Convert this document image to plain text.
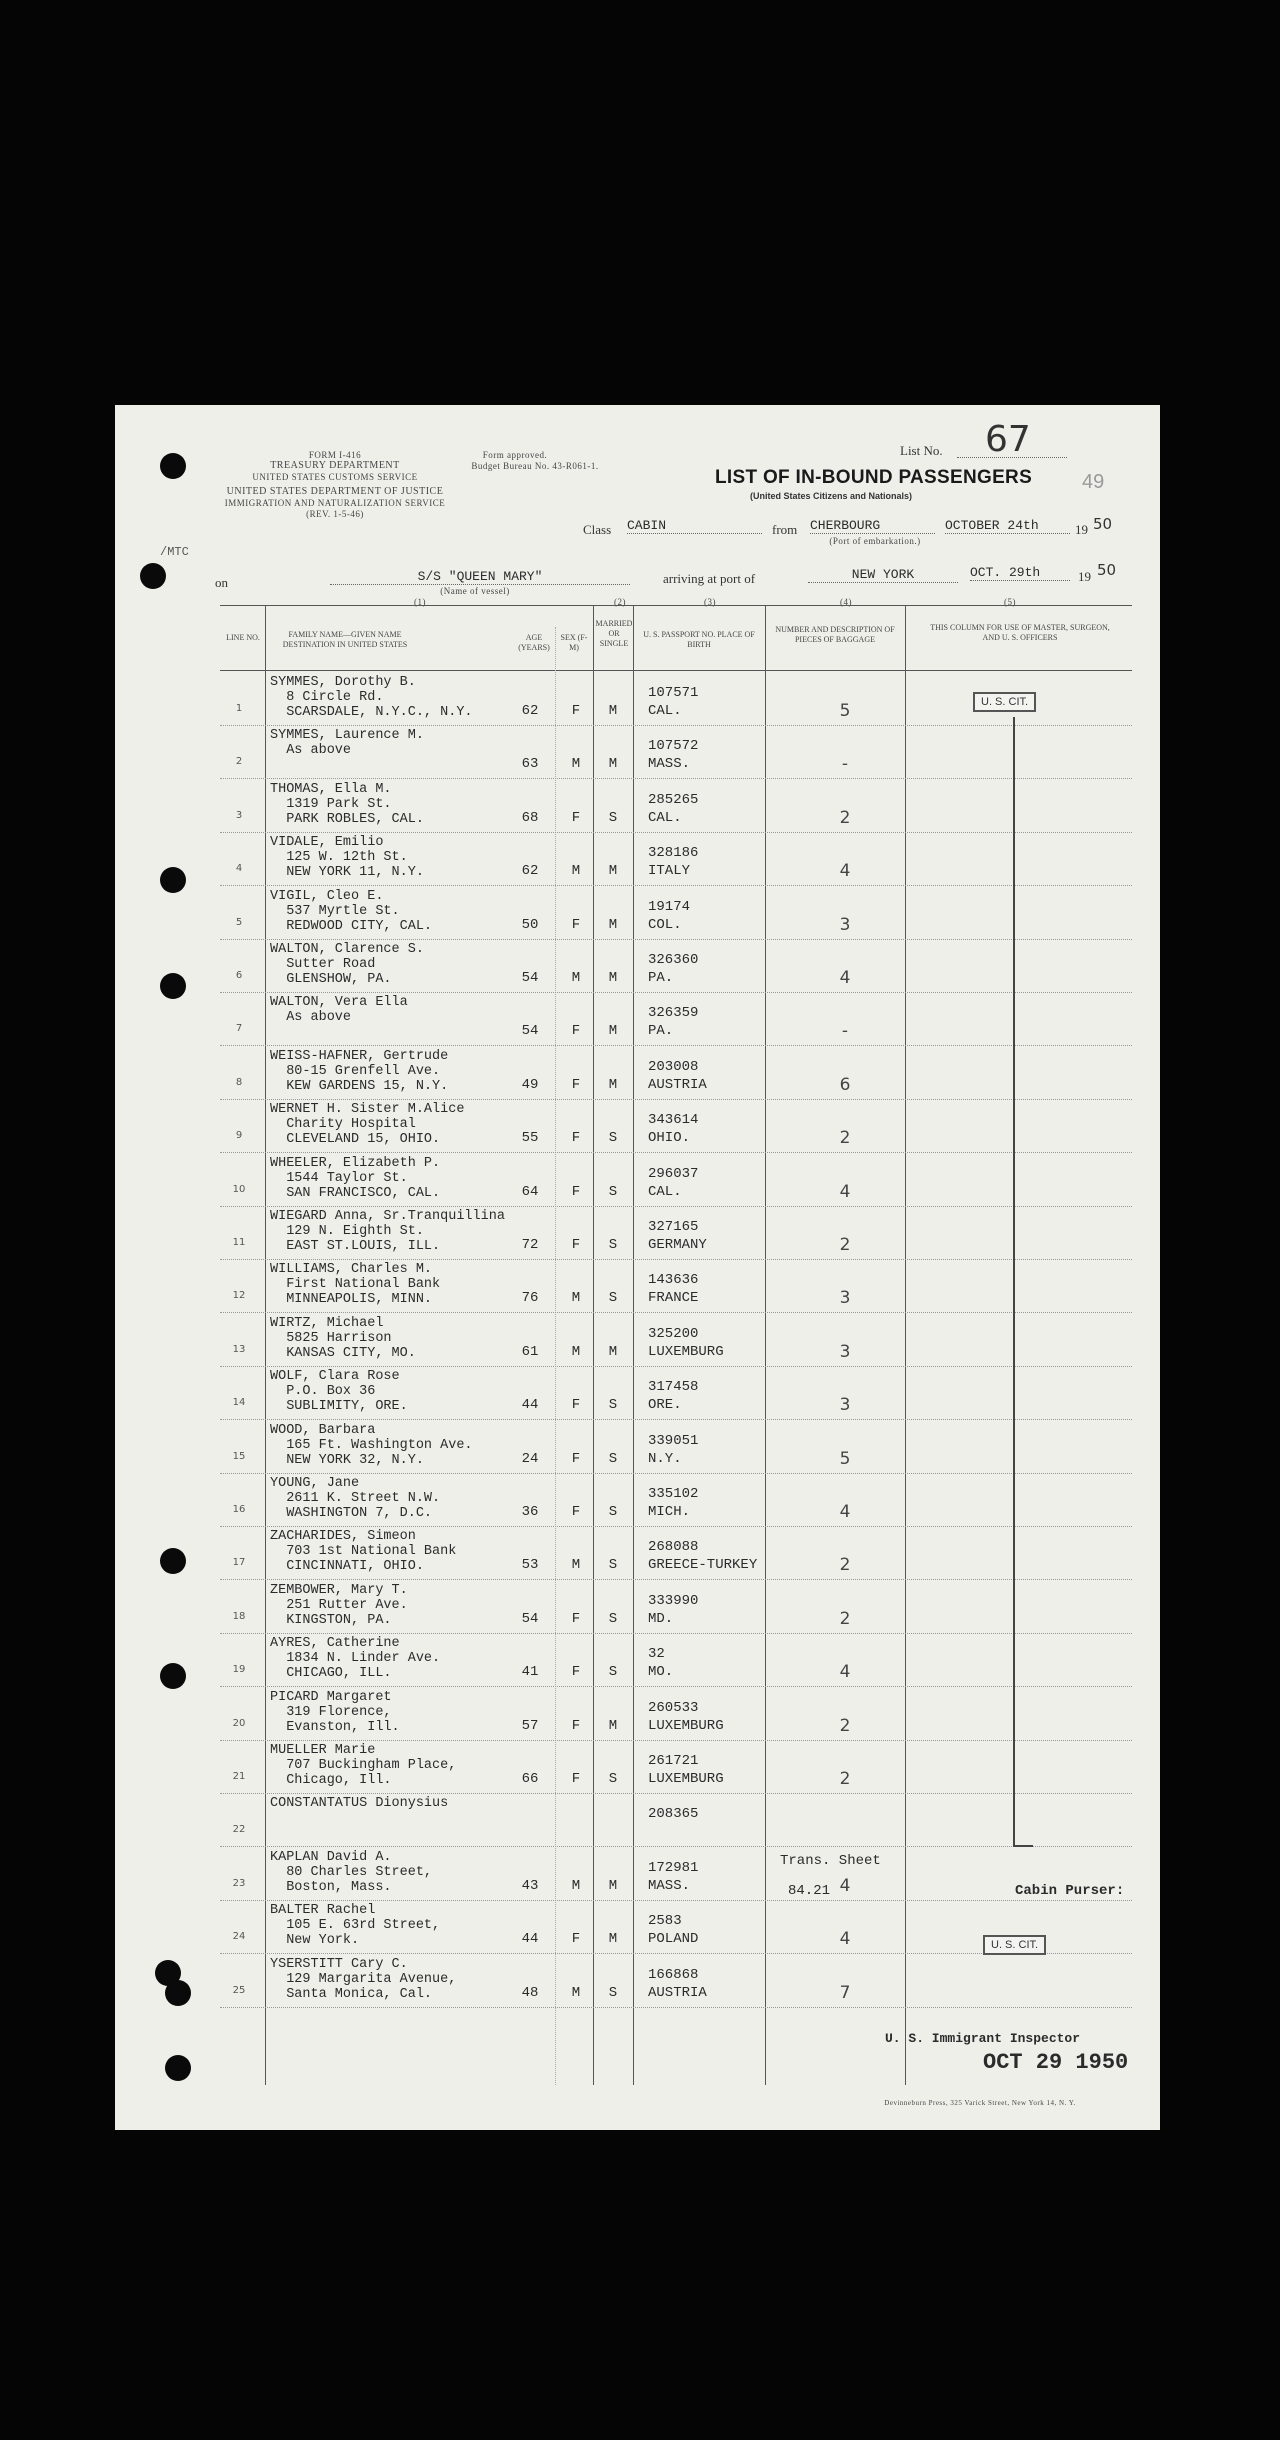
FORM I-416
TREASURY DEPARTMENT
UNITED STATES CUSTOMS SERVICE
UNITED STATES DEPARTMENT OF JUSTICE
IMMIGRATION AND NATURALIZATION SERVICE
(REV. 1-5-46)
Form approved.
Budget Bureau No. 43-R061-1.
List No. 67
49
LIST OF IN-BOUND PASSENGERS
(United States Citizens and Nationals)
Class CABIN	from CHERBOURG
(Port of embarkation.)
OCTOBER 24th	19 50
/MTC
on	S/S "QUEEN MARY"
(Name of vessel)
arriving at port of	NEW YORK	OCT. 29th	19 50
(1)	(2)	(3)	(4)	(5)
LINE NO.	FAMILY NAME—GIVEN NAME DESTINATION IN UNITED STATES
AGE (YEARS)
SEX (F-M)
MARRIED OR SINGLE
U. S. PASSPORT NO. PLACE OF BIRTH
NUMBER AND DESCRIPTION OF PIECES OF BAGGAGE
THIS COLUMN FOR USE OF MASTER, SURGEON, AND U. S. OFFICERS
1
SYMMES, Dorothy B.
8 Circle Rd.
SCARSDALE, N.Y.C., N.Y.	62	F	M
107571
CAL.	5
2
SYMMES, Laurence M.
As above
63	M	M
107572
MASS.	-
3
THOMAS, Ella M.
1319 Park St.
PARK ROBLES, CAL.	68	F	S
285265
CAL.	2
4
VIDALE, Emilio
125 W. 12th St.
NEW YORK 11, N.Y.	62	M	M
328186
ITALY	4
5
VIGIL, Cleo E.
537 Myrtle St.
REDWOOD CITY, CAL.	50	F	M
19174
COL.	3
6
WALTON, Clarence S.
Sutter Road
GLENSHOW, PA.	54	M	M
326360
PA.	4
7
WALTON, Vera Ella
As above
54	F	M
326359
PA.	-
8
WEISS-HAFNER, Gertrude
80-15 Grenfell Ave.
KEW GARDENS 15, N.Y.	49	F	M
203008
AUSTRIA	6
9
WERNET H. Sister M.Alice
Charity Hospital
CLEVELAND 15, OHIO.	55	F	S
343614
OHIO.	2
10
WHEELER, Elizabeth P.
1544 Taylor St.
SAN FRANCISCO, CAL.	64	F	S
296037
CAL.	4
11
WIEGARD Anna, Sr.Tranquillina
129 N. Eighth St.
EAST ST.LOUIS, ILL.	72	F	S
327165
GERMANY	2
12
WILLIAMS, Charles M.
First National Bank
MINNEAPOLIS, MINN.	76	M	S
143636
FRANCE	3
13
WIRTZ, Michael
5825 Harrison
KANSAS CITY, MO.	61	M	M
325200
LUXEMBURG	3
14
WOLF, Clara Rose
P.O. Box 36
SUBLIMITY, ORE.	44	F	S
317458
ORE.	3
15
WOOD, Barbara
165 Ft. Washington Ave.
NEW YORK 32, N.Y.	24	F	S
339051
N.Y.	5
16
YOUNG, Jane
2611 K. Street N.W.
WASHINGTON 7, D.C.	36	F	S
335102
MICH.	4
17
ZACHARIDES, Simeon
703 1st National Bank
CINCINNATI, OHIO.	53	M	S
268088
GREECE-TURKEY	2
18
ZEMBOWER, Mary T.
251 Rutter Ave.
KINGSTON, PA.	54	F	S
333990
MD.	2
19
AYRES, Catherine
1834 N. Linder Ave.
CHICAGO, ILL.	41	F	S
32
MO.	4
20
PICARD Margaret
319 Florence,
Evanston, Ill.	57	F	M
260533
LUXEMBURG	2
21
MUELLER Marie
707 Buckingham Place,
Chicago, Ill.	66	F	S
261721
LUXEMBURG	2
22
CONSTANTATUS Dionysius
208365
23
KAPLAN David A.
80 Charles Street,
Boston, Mass.	43	M	M
172981
MASS.	4
24
BALTER Rachel
105 E. 63rd Street,
New York.	44	F	M
2583
POLAND	4
25
YSERSTITT Cary C.
129 Margarita Avenue,
Santa Monica, Cal.	48	M	S
166868
AUSTRIA	7
U. S. CIT.
U. S. CIT.
Trans. Sheet
84.21	Cabin Purser:
U. S. Immigrant Inspector
OCT 29 1950
Devinneburn Press, 325 Varick Street, New York 14, N. Y.
